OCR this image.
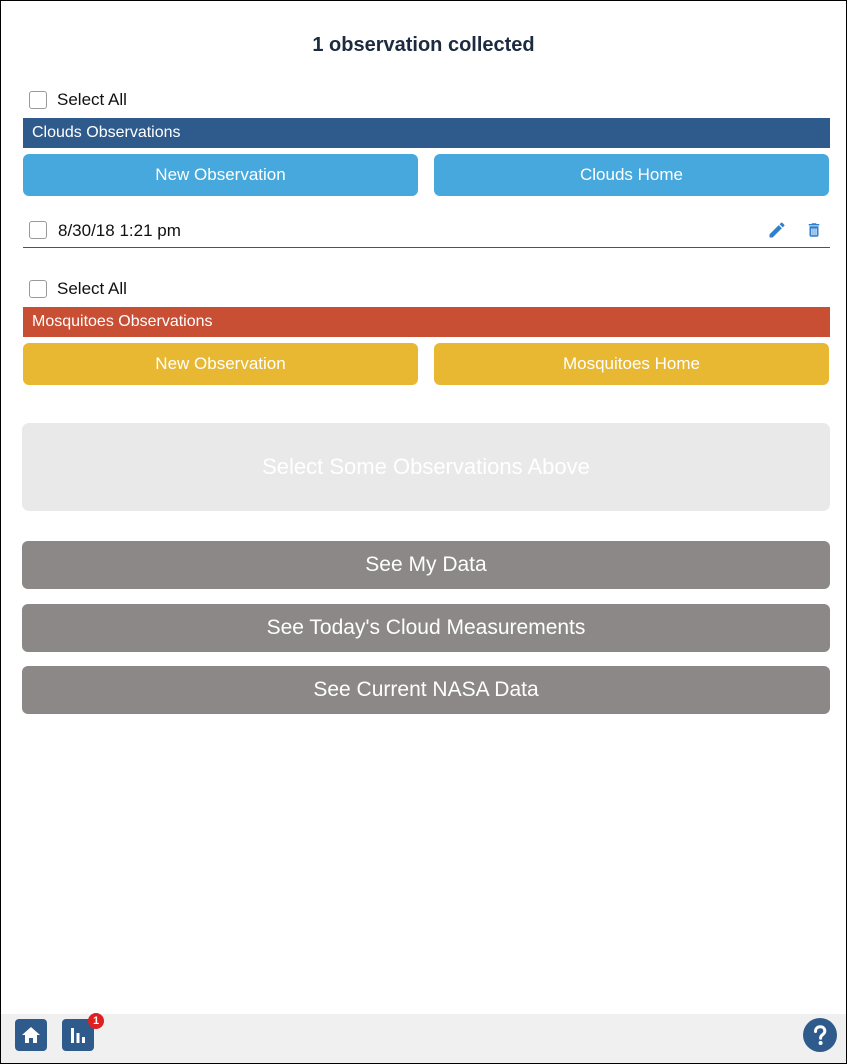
1 observation collected
Select All
Clouds Observations
New Observation	Clouds Home
8/30/18 1:21 pm
Select All
Mosquitoes Observations
New Observation	Mosquitoes Home
Select Some Observations Above
See My Data
See Today's Cloud Measurements
See Current NASA Data
1
